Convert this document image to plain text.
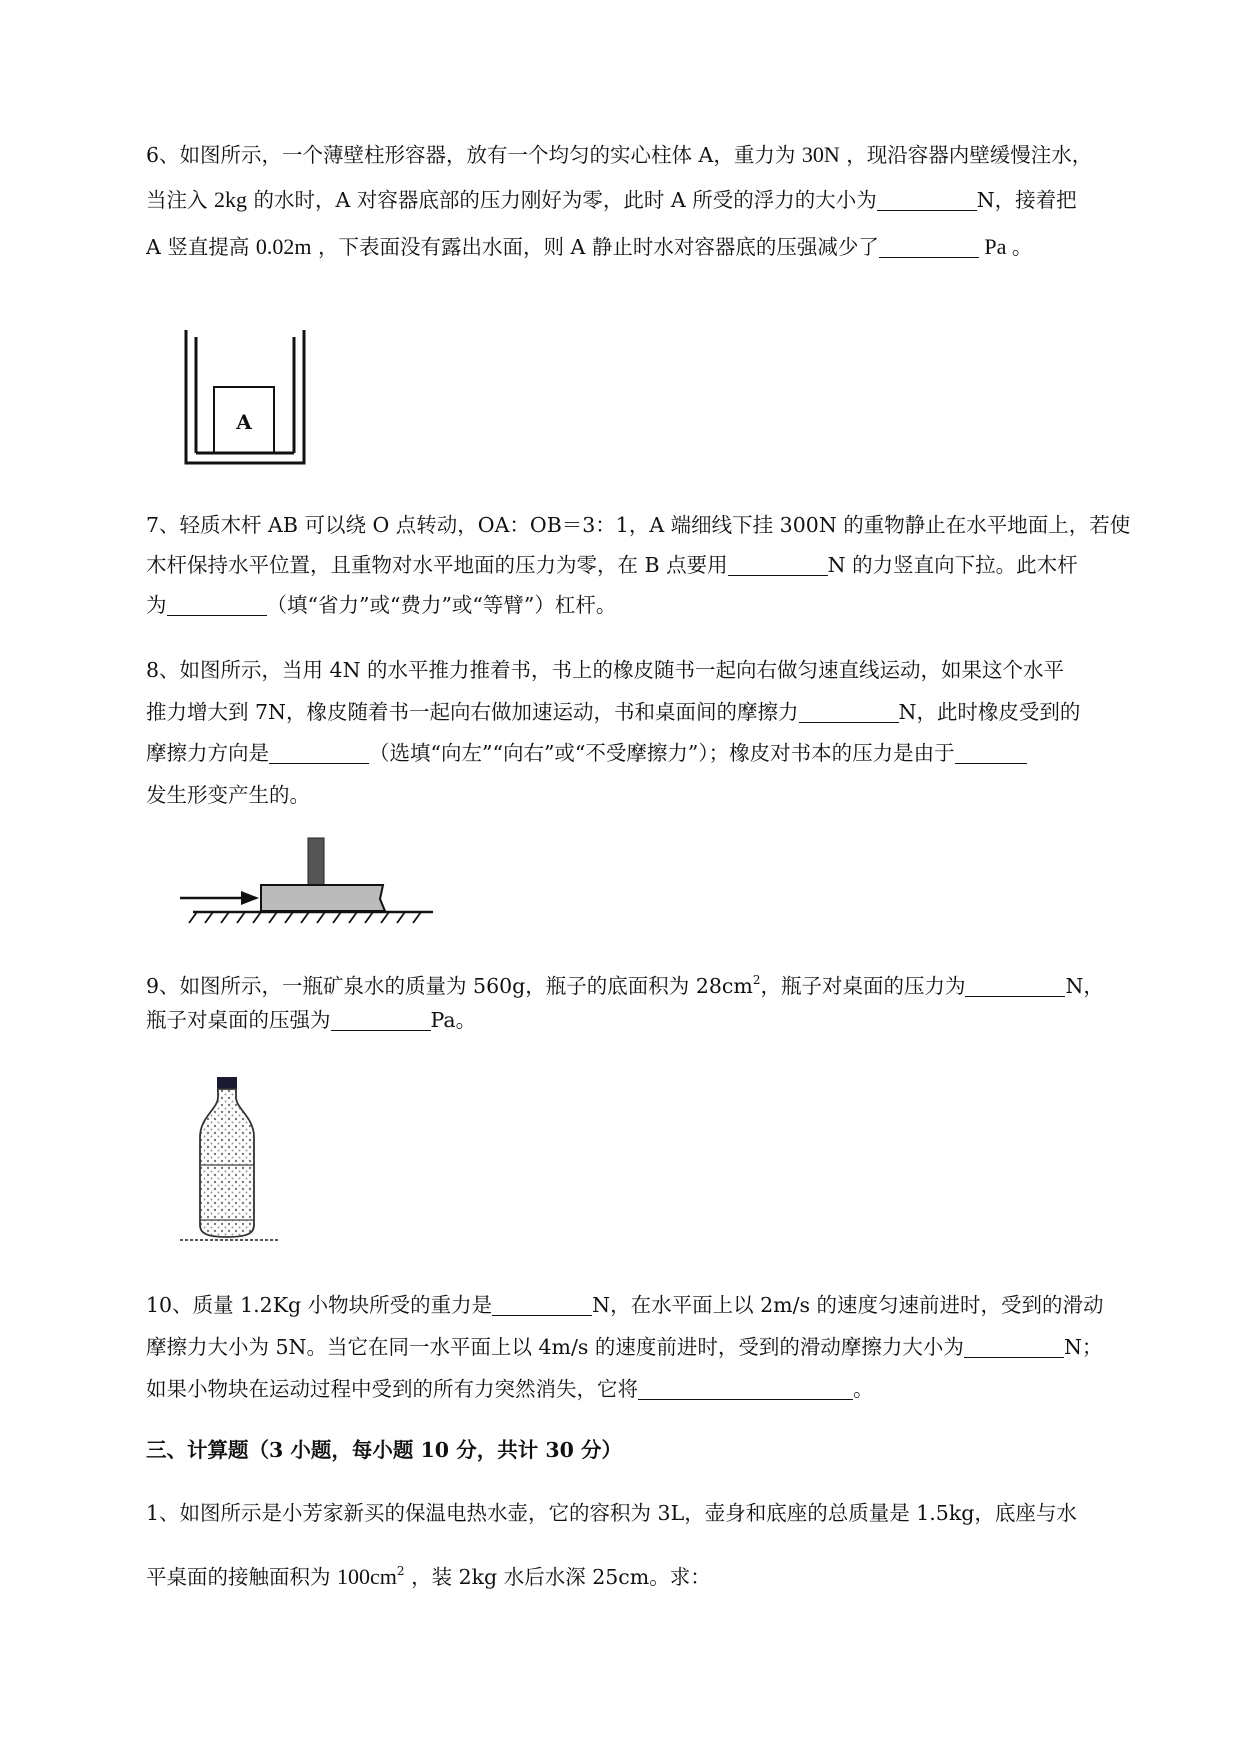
6、如图所示，一个薄壁柱形容器，放有一个均匀的实心柱体 A，重力为 30N ，现沿容器内壁缓慢注水，
当注入 2kg 的水时，A 对容器底部的压力刚好为零，此时 A 所受的浮力的大小为	N，接着把
A 竖直提高 0.02m ，下表面没有露出水面，则 A 静止时水对容器底的压强减少了	Pa 。
A
7、轻质木杆 AB 可以绕 O 点转动，OA：OB＝3：1，A 端细线下挂 300N 的重物静止在水平地面上，若使
木杆保持水平位置，且重物对水平地面的压力为零，在 B 点要用	N 的力竖直向下拉。此木杆
为	（填“省力”或“费力”或“等臂”）杠杆。
8、如图所示，当用 4N 的水平推力推着书，书上的橡皮随书一起向右做匀速直线运动，如果这个水平
推力增大到 7N，橡皮随着书一起向右做加速运动，书和桌面间的摩擦力	N，此时橡皮受到的
摩擦力方向是	（选填“向左”“向右”或“不受摩擦力”）；橡皮对书本的压力是由于
发生形变产生的。
9、如图所示，一瓶矿泉水的质量为 560g，瓶子的底面积为 $28cm^2$，瓶子对桌面的压力为	N，
瓶子对桌面的压强为	Pa。
10、质量 1.2Kg 小物块所受的重力是	N，在水平面上以 2m/s 的速度匀速前进时，受到的滑动
摩擦力大小为 5N。当它在同一水平面上以 4m/s 的速度前进时，受到的滑动摩擦力大小为	N；
如果小物块在运动过程中受到的所有力突然消失，它将	。
三、计算题（3 小题，每小题 10 分，共计 30 分）
1、如图所示是小芳家新买的保温电热水壶，它的容积为 3L，壶身和底座的总质量是 1.5kg，底座与水
平桌面的接触面积为 $100cm^2$ ，装 2kg 水后水深 25cm。求：
